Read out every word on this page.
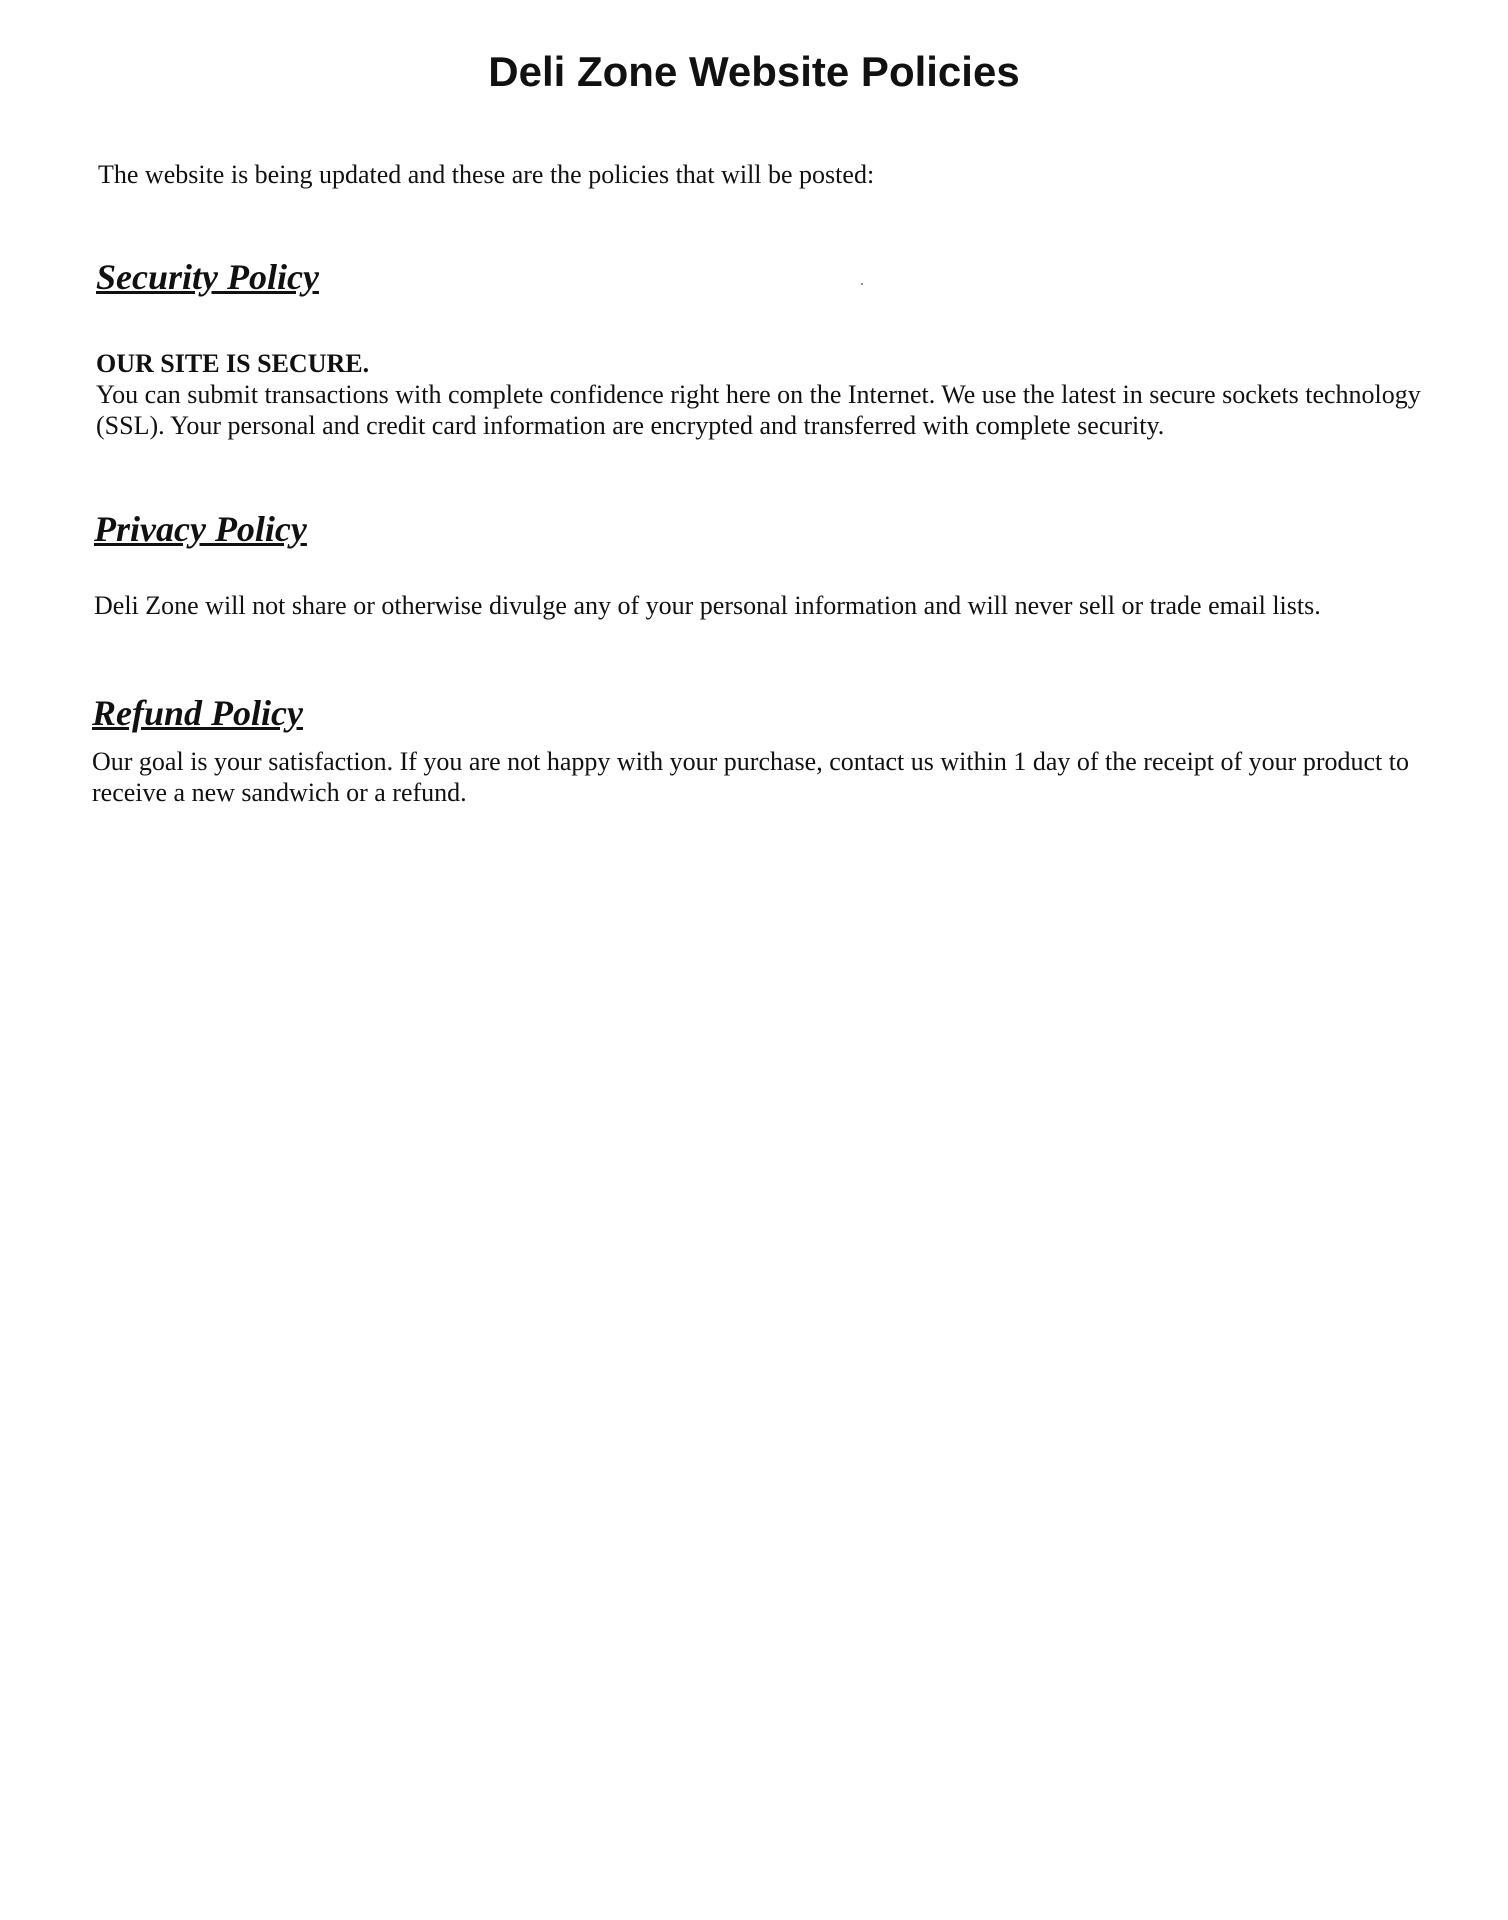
Deli Zone Website Policies

The website is being updated and these are the policies that will be posted:

Security Policy
OUR SITE IS SECURE.
You can submit transactions with complete confidence right here on the Internet. We use the latest in secure sockets technology (SSL). Your personal and credit card information are encrypted and transferred with complete security.
Privacy Policy

Deli Zone will not share or otherwise divulge any of your personal information and will never sell or trade email lists.

Refund Policy

Our goal is your satisfaction. If you are not happy with your purchase, contact us within 1 day of the receipt of your product to receive a new sandwich or a refund.
